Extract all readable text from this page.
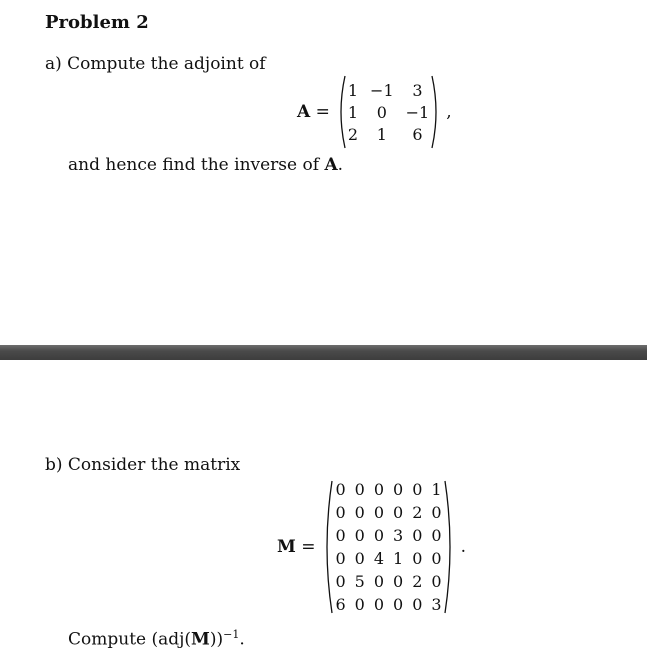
Problem 2
a) Compute the adjoint of
A =
1 −1 3
1 0 −1
2 1 6
,
and hence find the inverse of A.
b) Consider the matrix
M =
0 0 0 0 0 1
0 0 0 0 2 0
0 0 0 3 0 0
0 0 4 1 0 0
0 5 0 0 2 0
6 0 0 0 0 3
.
Compute $(adj(M))^{-1}$.
